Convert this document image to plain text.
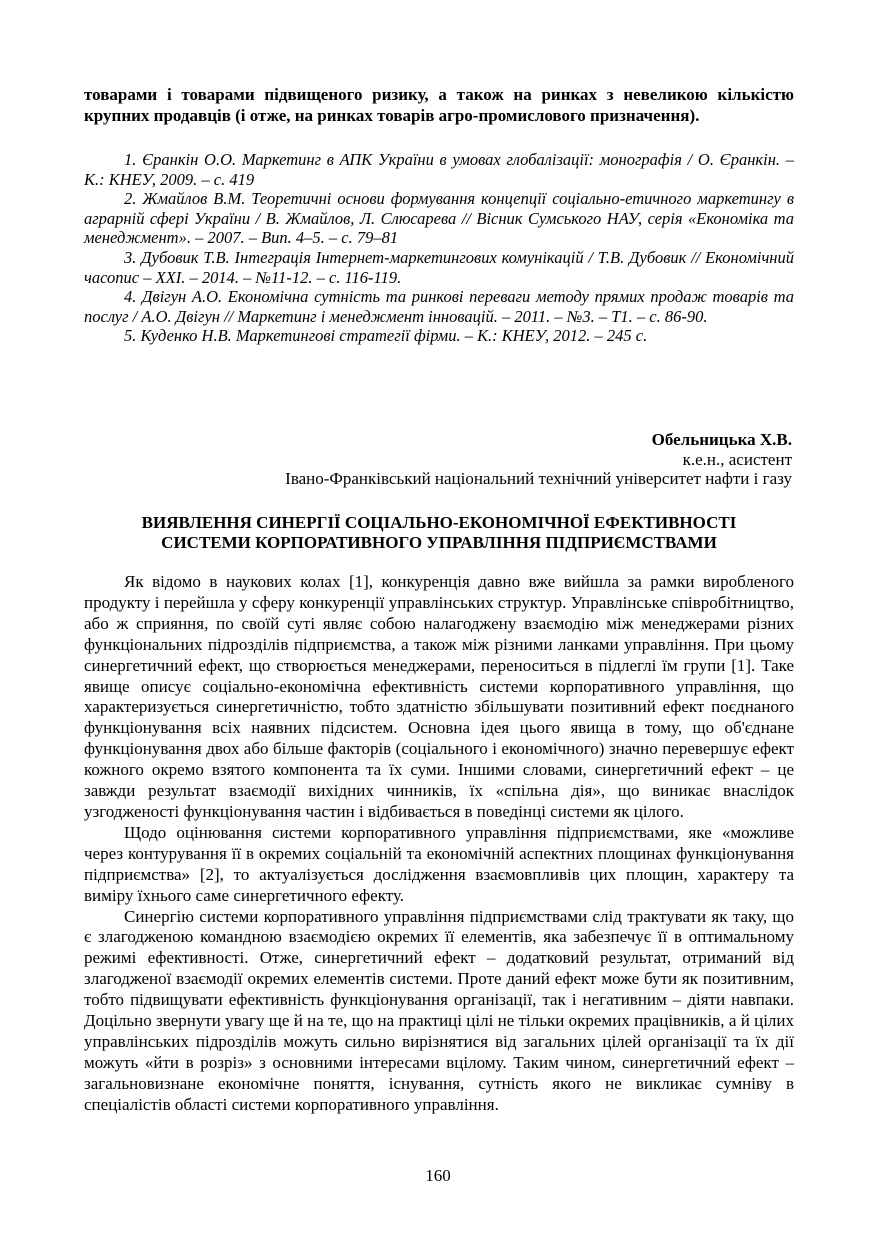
товарами і товарами підвищеного ризику, а також на ринках з невеликою кількістю крупних продавців (і отже, на ринках товарів агро-промислового призначення).

1. Єранкін О.О. Маркетинг в АПК України в умовах глобалізації: монографія / О. Єранкін. – К.: КНЕУ, 2009. – с. 419

2. Жмайлов В.М. Теоретичні основи формування концепції соціально-етичного маркетингу в аграрній сфері України / В. Жмайлов, Л. Слюсарева // Вісник Сумського НАУ, серія «Економіка та менеджмент». – 2007. – Вип. 4–5. – с. 79–81

3. Дубовик Т.В. Інтеграція Інтернет-маркетингових комунікацій / Т.В. Дубовик // Економічний часопис – XXI. – 2014. – №11-12. – с. 116-119.

4. Двігун А.О. Економічна сутність та ринкові переваги методу прямих продаж товарів та послуг / А.О. Двігун // Маркетинг і менеджмент інновацій. – 2011. – №3. – Т1. – с. 86-90.

5. Куденко Н.В. Маркетингові стратегії фірми. – К.: КНЕУ, 2012. – 245 с.

Обельницька Х.В.
к.е.н., асистент
Івано-Франківський національний технічний університет нафти і газу
ВИЯВЛЕННЯ СИНЕРГІЇ СОЦІАЛЬНО-ЕКОНОМІЧНОЇ ЕФЕКТИВНОСТІ
СИСТЕМИ КОРПОРАТИВНОГО УПРАВЛІННЯ ПІДПРИЄМСТВАМИ

Як відомо в наукових колах [1], конкуренція давно вже вийшла за рамки виробленого продукту і перейшла у сферу конкуренції управлінських структур. Управлінське співробітництво, або ж сприяння, по своїй суті являє собою налагоджену взаємодію між менеджерами різних функціональних підрозділів підприємства, а також між різними ланками управління. При цьому синергетичний ефект, що створюється менеджерами, переноситься в підлеглі їм групи [1]. Таке явище описує соціально-економічна ефективність системи корпоративного управління, що характеризується синергетичністю, тобто здатністю збільшувати позитивний ефект поєднаного функціонування всіх наявних підсистем. Основна ідея цього явища в тому, що об'єднане функціонування двох або більше факторів (соціального і економічного) значно перевершує ефект кожного окремо взятого компонента та їх суми. Іншими словами, синергетичний ефект – це завжди результат взаємодії вихідних чинників, їх «спільна дія», що виникає внаслідок узгодженості функціонування частин і відбивається в поведінці системи як цілого.

Щодо оцінювання системи корпоративного управління підприємствами, яке «можливе через контурування її в окремих соціальній та економічній аспектних площинах функціонування підприємства» [2], то актуалізується дослідження взаємовпливів цих площин, характеру та виміру їхнього саме синергетичного ефекту.

Синергію системи корпоративного управління підприємствами слід трактувати як таку, що є злагодженою командною взаємодією окремих її елементів, яка забезпечує її в оптимальному режимі ефективності. Отже, синергетичний ефект – додатковий результат, отриманий від злагодженої взаємодії окремих елементів системи. Проте даний ефект може бути як позитивним, тобто підвищувати ефективність функціонування організації, так і негативним – діяти навпаки. Доцільно звернути увагу ще й на те, що на практиці цілі не тільки окремих працівників, а й цілих управлінських підрозділів можуть сильно вирізнятися від загальних цілей організації та їх дії можуть «йти в розріз» з основними інтересами вцілому. Таким чином, синергетичний ефект – загальновизнане економічне поняття, існування, сутність якого не викликає сумніву в спеціалістів області системи корпоративного управління.

160
